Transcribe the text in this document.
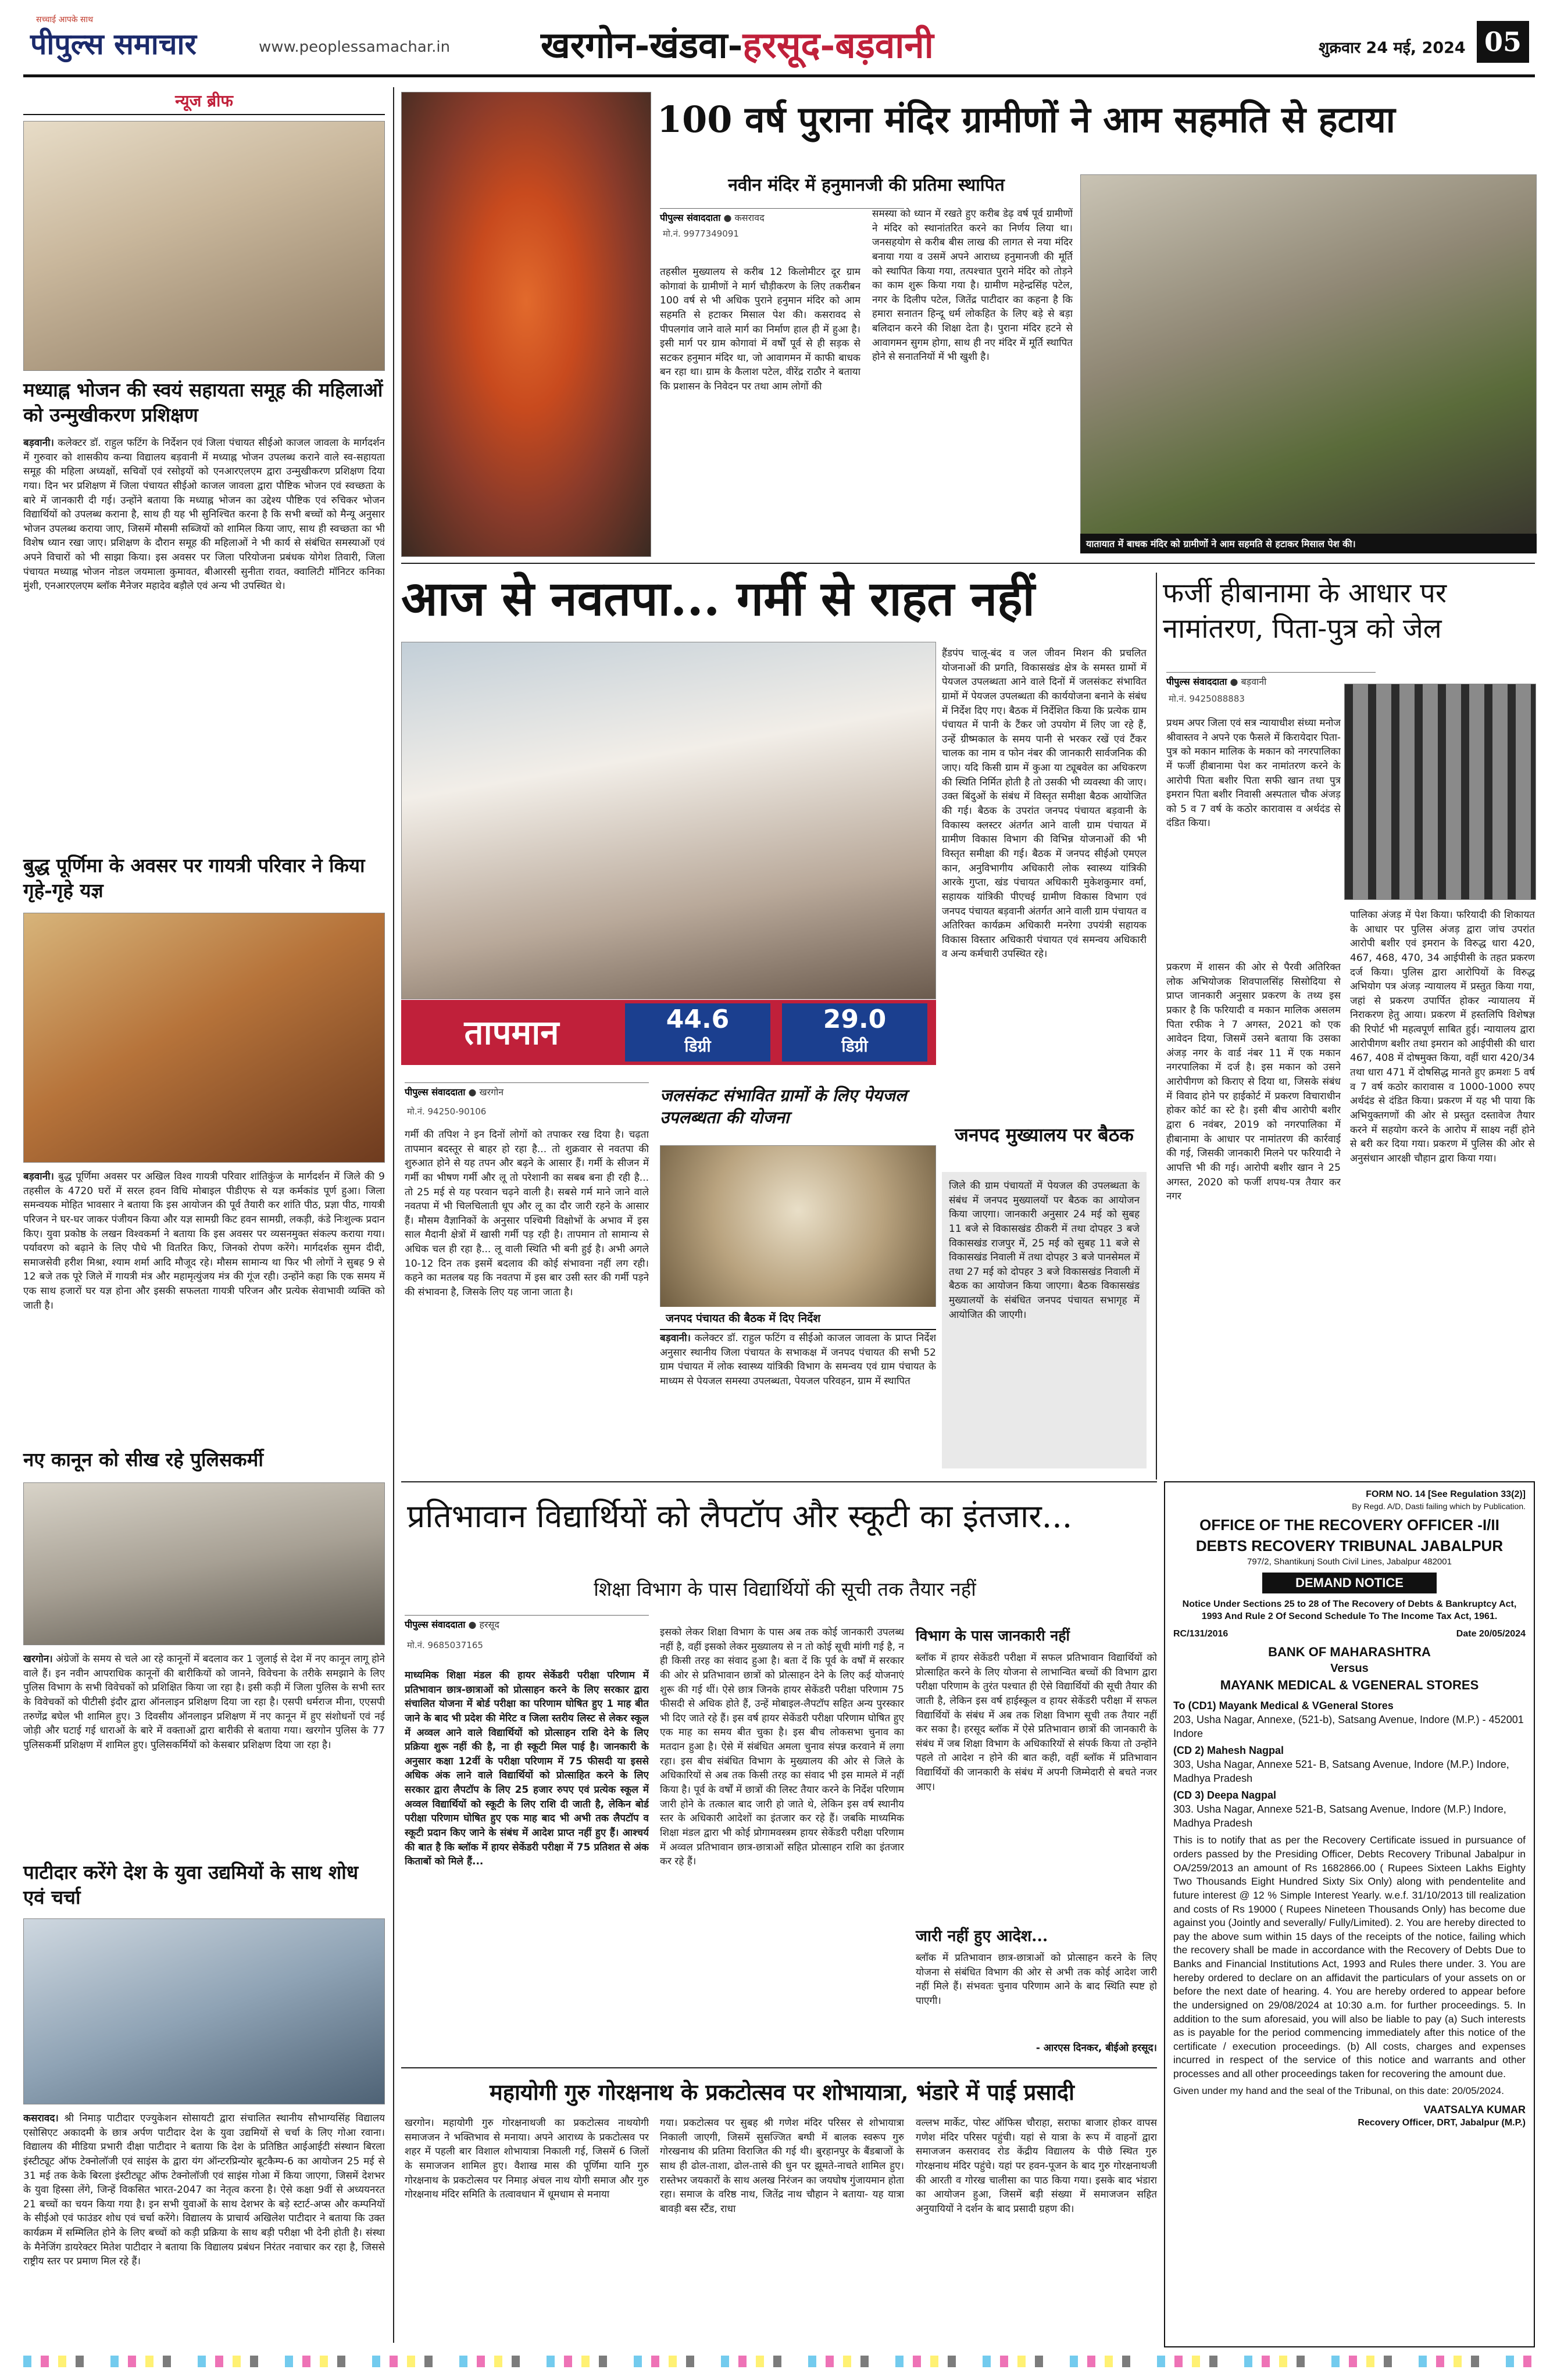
पीपुल्स समाचार
सच्चाई आपके साथ
www.peoplessamachar.in	खरगोन-खंडवा-हरसूद-बड़वानी	शुक्रवार 24 मई, 2024 05
न्यूज ब्रीफ
मध्याह्न भोजन की स्वयं सहायता समूह की महिलाओं को उन्मुखीकरण प्रशिक्षण
बड़वानी। कलेक्टर डॉ. राहुल फटिंग के निर्देशन एवं जिला पंचायत सीईओ काजल जावला के मार्गदर्शन में गुरुवार को शासकीय कन्या विद्यालय बड़वानी में मध्याह्न भोजन उपलब्ध कराने वाले स्व-सहायता समूह की महिला अध्यक्षों, सचिवों एवं रसोइयों को एनआरएलएम द्वारा उन्मुखीकरण प्रशिक्षण दिया गया। दिन भर प्रशिक्षण में जिला पंचायत सीईओ काजल जावला द्वारा पौष्टिक भोजन एवं स्वच्छता के बारे में जानकारी दी गई। उन्होंने बताया कि मध्याह्न भोजन का उद्देश्य पौष्टिक एवं रुचिकर भोजन विद्यार्थियों को उपलब्ध कराना है, साथ ही यह भी सुनिश्चित करना है कि सभी बच्चों को मैन्यू अनुसार भोजन उपलब्ध कराया जाए, जिसमें मौसमी सब्जियों को शामिल किया जाए, साथ ही स्वच्छता का भी विशेष ध्यान रखा जाए। प्रशिक्षण के दौरान समूह की महिलाओं ने भी कार्य से संबंधित समस्याओं एवं अपने विचारों को भी साझा किया। इस अवसर पर जिला परियोजना प्रबंधक योगेश तिवारी, जिला पंचायत मध्याह्न भोजन नोडल जयमाला कुमावत, बीआरसी सुनीता रावत, क्वालिटी मॉनिटर कनिका मुंशी, एनआरएलएम ब्लॉक मैनेजर महादेव बड़ौले एवं अन्य भी उपस्थित थे।
बुद्ध पूर्णिमा के अवसर पर गायत्री परिवार ने किया गृहे-गृहे यज्ञ
बड़वानी। बुद्ध पूर्णिमा अवसर पर अखिल विश्व गायत्री परिवार शांतिकुंज के मार्गदर्शन में जिले की 9 तहसील के 4720 घरों में सरल हवन विधि मोबाइल पीडीएफ से यज्ञ कर्मकांड पूर्ण हुआ। जिला समन्वयक मोहित भावसार ने बताया कि इस आयोजन की पूर्व तैयारी कर शांति पीठ, प्रज्ञा पीठ, गायत्री परिजन ने घर-घर जाकर पंजीयन किया और यज्ञ सामग्री किट हवन सामग्री, लकड़ी, कंडे निःशुल्क प्रदान किए। युवा प्रकोष्ठ के लखन विश्वकर्मा ने बताया कि इस अवसर पर व्यसनमुक्त संकल्प कराया गया। पर्यावरण को बढ़ाने के लिए पौधे भी वितरित किए, जिनको रोपण करेंगे। मार्गदर्शक सुमन दीदी, समाजसेवी हरीश मिश्रा, श्याम शर्मा आदि मौजूद रहे। मौसम सामान्य था फिर भी लोगों ने सुबह 9 से 12 बजे तक पूरे जिले में गायत्री मंत्र और महामृत्युंजय मंत्र की गूंज रही। उन्होंने कहा कि एक समय में एक साथ हजारों घर यज्ञ होना और इसकी सफलता गायत्री परिजन और प्रत्येक सेवाभावी व्यक्ति को जाती है।
नए कानून को सीख रहे पुलिसकर्मी
खरगोन। अंग्रेजों के समय से चले आ रहे कानूनों में बदलाव कर 1 जुलाई से देश में नए कानून लागू होने वाले हैं। इन नवीन आपराधिक कानूनों की बारीकियों को जानने, विवेचना के तरीके समझाने के लिए पुलिस विभाग के सभी विवेचकों को प्रशिक्षित किया जा रहा है। इसी कड़ी में जिला पुलिस के सभी स्तर के विवेचकों को पीटीसी इंदौर द्वारा ऑनलाइन प्रशिक्षण दिया जा रहा है। एसपी धर्मराज मीना, एएसपी तरुणेंद्र बघेल भी शामिल हुए। 3 दिवसीय ऑनलाइन प्रशिक्षण में नए कानून में हुए संशोधनों एवं नई जोड़ी और घटाई गई धाराओं के बारे में वक्ताओं द्वारा बारीकी से बताया गया। खरगोन पुलिस के 77 पुलिसकर्मी प्रशिक्षण में शामिल हुए। पुलिसकर्मियों को केसबार प्रशिक्षण दिया जा रहा है।
पाटीदार करेंगे देश के युवा उद्यमियों के साथ शोध एवं चर्चा
कसरावद। श्री निमाड़ पाटीदार एज्युकेशन सोसायटी द्वारा संचालित स्थानीय सौभाग्यसिंह विद्यालय एसोसिएट अकादमी के छात्र अर्पण पाटीदार देश के युवा उद्यमियों से चर्चा के लिए गोआ रवाना। विद्यालय की मीडिया प्रभारी दीक्षा पाटीदार ने बताया कि देश के प्रतिष्ठित आईआईटी संस्थान बिरला इंस्टीट्यूट ऑफ टेक्नोलॉजी एवं साइंस के द्वारा यंग ऑन्टरप्रिन्योर बूटकैम्प-6 का आयोजन 25 मई से 31 मई तक केके बिरला इंस्टीट्यूट ऑफ टेक्नोलॉजी एवं साइंस गोआ में किया जाएगा, जिसमें देशभर के युवा हिस्सा लेंगे, जिन्हें विकसित भारत-2047 का नेतृत्व करना है। ऐसे कक्षा 9वीं से अध्ययनरत 21 बच्चों का चयन किया गया है। इन सभी युवाओं के साथ देशभर के बड़े स्टार्ट-अप्स और कम्पनियों के सीईओ एवं फाउंडर शोध एवं चर्चा करेंगे। विद्यालय के प्राचार्य अखिलेश पाटीदार ने बताया कि उक्त कार्यक्रम में सम्मिलित होने के लिए बच्चों को कड़ी प्रक्रिया के साथ बड़ी परीक्षा भी देनी होती है। संस्था के मैनेजिंग डायरेक्टर मितेश पाटीदार ने बताया कि विद्यालय प्रबंधन निरंतर नवाचार कर रहा है, जिससे राष्ट्रीय स्तर पर प्रमाण मिल रहे हैं।
100 वर्ष पुराना मंदिर ग्रामीणों ने आम सहमति से हटाया
नवीन मंदिर में हनुमानजी की प्रतिमा स्थापित
पीपुल्स संवाददाता ● कसरावद
मो.नं. 9977349091
तहसील मुख्यालय से करीब 12 किलोमीटर दूर ग्राम कोगावां के ग्रामीणों ने मार्ग चौड़ीकरण के लिए तकरीबन 100 वर्ष से भी अधिक पुराने हनुमान मंदिर को आम सहमति से हटाकर मिसाल पेश की। कसरावद से पीपलगांव जाने वाले मार्ग का निर्माण हाल ही में हुआ है। इसी मार्ग पर ग्राम कोगावां में वर्षों पूर्व से ही सड़क से सटकर हनुमान मंदिर था, जो आवागमन में काफी बाधक बन रहा था। ग्राम के कैलाश पटेल, वीरेंद्र राठौर ने बताया कि प्रशासन के निवेदन पर तथा आम लोगों की
समस्या को ध्यान में रखते हुए करीब डेढ़ वर्ष पूर्व ग्रामीणों ने मंदिर को स्थानांतरित करने का निर्णय लिया था। जनसहयोग से करीब बीस लाख की लागत से नया मंदिर बनाया गया व उसमें अपने आराध्य हनुमानजी की मूर्ति को स्थापित किया गया, तत्पश्चात पुराने मंदिर को तोड़ने का काम शुरू किया गया है। ग्रामीण महेन्द्रसिंह पटेल, नगर के दिलीप पटेल, जितेंद्र पाटीदार का कहना है कि हमारा सनातन हिन्दू धर्म लोकहित के लिए बड़े से बड़ा बलिदान करने की शिक्षा देता है। पुराना मंदिर हटने से आवागमन सुगम होगा, साथ ही नए मंदिर में मूर्ति स्थापित होने से सनातनियों में भी खुशी है।
यातायात में बाधक मंदिर को ग्रामीणों ने आम सहमति से हटाकर मिसाल पेश की।
आज से नवतपा... गर्मी से राहत नहीं
तापमान	44.6
डिग्री
29.0
डिग्री
पीपुल्स संवाददाता ● खरगोन
मो.नं. 94250-90106
गर्मी की तपिश ने इन दिनों लोगों को तपाकर रख दिया है। चढ़ता तापमान बदस्तूर से बाहर हो रहा है... तो शुक्रवार से नवतपा की शुरुआत होने से यह तपन और बढ़ने के आसार हैं। गर्मी के सीजन में गर्मी का भीषण गर्मी और लू तो परेशानी का सबब बना ही रही है... तो 25 मई से यह परवान चढ़ने वाली है। सबसे गर्म माने जाने वाले नवतपा में भी चिलचिलाती धूप और लू का दौर जारी रहने के आसार हैं। मौसम वैज्ञानिकों के अनुसार पश्चिमी विक्षोभों के अभाव में इस साल मैदानी क्षेत्रों में खासी गर्मी पड़ रही है। तापमान तो सामान्य से अधिक चल ही रहा है... लू वाली स्थिति भी बनी हुई है। अभी अगले 10-12 दिन तक इसमें बदलाव की कोई संभावना नहीं लग रही। कहने का मतलब यह कि नवतपा में इस बार उसी स्तर की गर्मी पड़ने की संभावना है, जिसके लिए यह जाना जाता है।
हैंडपंप चालू-बंद व जल जीवन मिशन की प्रचलित योजनाओं की प्रगति, विकासखंड क्षेत्र के समस्त ग्रामों में पेयजल उपलब्धता आने वाले दिनों में जलसंकट संभावित ग्रामों में पेयजल उपलब्धता की कार्ययोजना बनाने के संबंध में निर्देश दिए गए। बैठक में निर्देशित किया कि प्रत्येक ग्राम पंचायत में पानी के टैंकर जो उपयोग में लिए जा रहे हैं, उन्हें ग्रीष्मकाल के समय पानी से भरकर रखें एवं टैंकर चालक का नाम व फोन नंबर की जानकारी सार्वजनिक की जाए। यदि किसी ग्राम में कुआ या ट्यूबवेल का अधिकरण की स्थिति निर्मित होती है तो उसकी भी व्यवस्था की जाए। उक्त बिंदुओं के संबंध में विस्तृत समीक्षा बैठक आयोजित की गई। बैठक के उपरांत जनपद पंचायत बड़वानी के विकास्य क्लस्टर अंतर्गत आने वाली ग्राम पंचायत में ग्रामीण विकास विभाग की विभिन्न योजनाओं की भी विस्तृत समीक्षा की गई। बैठक में जनपद सीईओ एमएल कान, अनुविभागीय अधिकारी लोक स्वास्थ्य यांत्रिकी आरके गुप्ता, खंड पंचायत अधिकारी मुकेशकुमार वर्मा, सहायक यांत्रिकी पीएचई ग्रामीण विकास विभाग एवं जनपद पंचायत बड़वानी अंतर्गत आने वाली ग्राम पंचायत व अतिरिक्त कार्यक्रम अधिकारी मनरेगा उपयंत्री सहायक विकास विस्तार अधिकारी पंचायत एवं समन्वय अधिकारी व अन्य कर्मचारी उपस्थित रहे।
जलसंकट संभावित ग्रामों के लिए पेयजल उपलब्धता की योजना
जनपद पंचायत की बैठक में दिए निर्देश
बड़वानी। कलेक्टर डॉ. राहुल फटिंग व सीईओ काजल जावला के प्राप्त निर्देश अनुसार स्थानीय जिला पंचायत के सभाकक्ष में जनपद पंचायत की सभी 52 ग्राम पंचायत में लोक स्वास्थ्य यांत्रिकी विभाग के समन्वय एवं ग्राम पंचायत के माध्यम से पेयजल समस्या उपलब्धता, पेयजल परिवहन, ग्राम में स्थापित
जनपद मुख्यालय पर बैठक
जिले की ग्राम पंचायतों में पेयजल की उपलब्धता के संबंध में जनपद मुख्यालयों पर बैठक का आयोजन किया जाएगा। जानकारी अनुसार 24 मई को सुबह 11 बजे से विकासखंड ठीकरी में तथा दोपहर 3 बजे विकासखंड राजपुर में, 25 मई को सुबह 11 बजे से विकासखंड निवाली में तथा दोपहर 3 बजे पानसेमल में तथा 27 मई को दोपहर 3 बजे विकासखंड निवाली में बैठक का आयोजन किया जाएगा। बैठक विकासखंड मुख्यालयों के संबंधित जनपद पंचायत सभागृह में आयोजित की जाएगी।
फर्जी हीबानामा के आधार पर नामांतरण, पिता-पुत्र को जेल
पीपुल्स संवाददाता ● बड़वानी
मो.नं. 9425088883
प्रथम अपर जिला एवं सत्र न्यायाधीश संध्या मनोज श्रीवास्तव ने अपने एक फैसले में किरायेदार पिता-पुत्र को मकान मालिक के मकान को नगरपालिका में फर्जी हीबानामा पेश कर नामांतरण करने के आरोपी पिता बशीर पिता सफी खान तथा पुत्र इमरान पिता बशीर निवासी अस्पताल चौक अंजड़ को 5 व 7 वर्ष के कठोर कारावास व अर्थदंड से दंडित किया।
प्रकरण में शासन की ओर से पैरवी अतिरिक्त लोक अभियोजक शिवपालसिंह सिसोदिया से प्राप्त जानकारी अनुसार प्रकरण के तथ्य इस प्रकार है कि फरियादी व मकान मालिक असलम पिता रफीक ने 7 अगस्त, 2021 को एक आवेदन दिया, जिसमें उसने बताया कि उसका अंजड़ नगर के वार्ड नंबर 11 में एक मकान नगरपालिका में दर्ज है। इस मकान को उसने आरोपीगण को किराए से दिया था, जिसके संबंध में विवाद होने पर हाईकोर्ट में प्रकरण विचाराधीन होकर कोर्ट का स्टे है। इसी बीच आरोपी बशीर द्वारा 6 नवंबर, 2019 को नगरपालिका में हीबानामा के आधार पर नामांतरण की कार्रवाई की गई, जिसकी जानकारी मिलने पर फरियादी ने आपत्ति भी की गई। आरोपी बशीर खान ने 25 अगस्त, 2020 को फर्जी शपथ-पत्र तैयार कर नगर
पालिका अंजड़ में पेश किया। फरियादी की शिकायत के आधार पर पुलिस अंजड़ द्वारा जांच उपरांत आरोपी बशीर एवं इमरान के विरुद्ध धारा 420, 467, 468, 470, 34 आईपीसी के तहत प्रकरण दर्ज किया। पुलिस द्वारा आरोपियों के विरुद्ध अभियोग पत्र अंजड़ न्यायालय में प्रस्तुत किया गया, जहां से प्रकरण उपार्पित होकर न्यायालय में निराकरण हेतु आया। प्रकरण में हस्तलिपि विशेषज्ञ की रिपोर्ट भी महत्वपूर्ण साबित हुई। न्यायालय द्वारा आरोपीगण बशीर तथा इमरान को आईपीसी की धारा 467, 408 में दोषमुक्त किया, वहीं धारा 420/34 तथा धारा 471 में दोषसिद्ध मानते हुए क्रमशः 5 वर्ष व 7 वर्ष कठोर कारावास व 1000-1000 रुपए अर्थदंड से दंडित किया। प्रकरण में यह भी पाया कि अभियुक्तगणों की ओर से प्रस्तुत दस्तावेज तैयार करने में सहयोग करने के आरोप में साक्ष्य नहीं होने से बरी कर दिया गया। प्रकरण में पुलिस की ओर से अनुसंधान आरक्षी चौहान द्वारा किया गया।
प्रतिभावान विद्यार्थियों को लैपटॉप और स्कूटी का इंतजार...
शिक्षा विभाग के पास विद्यार्थियों की सूची तक तैयार नहीं
पीपुल्स संवाददाता ● हरसूद
मो.नं. 9685037165
माध्यमिक शिक्षा मंडल की हायर सेकेंडरी परीक्षा परिणाम में प्रतिभावान छात्र-छात्राओं को प्रोत्साहन करने के लिए सरकार द्वारा संचालित योजना में बोर्ड परीक्षा का परिणाम घोषित हुए 1 माह बीत जाने के बाद भी प्रदेश की मेरिट व जिला स्तरीय लिस्ट से लेकर स्कूल में अव्वल आने वाले विद्यार्थियों को प्रोत्साहन राशि देने के लिए प्रक्रिया शुरू नहीं की है, ना ही स्कूटी मिल पाई है। जानकारी के अनुसार कक्षा 12वीं के परीक्षा परिणाम में 75 फीसदी या इससे अधिक अंक लाने वाले विद्यार्थियों को प्रोत्साहित करने के लिए सरकार द्वारा लैपटॉप के लिए 25 हजार रुपए एवं प्रत्येक स्कूल में अव्वल विद्यार्थियों को स्कूटी के लिए राशि दी जाती है, लेकिन बोर्ड परीक्षा परिणाम घोषित हुए एक माह बाद भी अभी तक लैपटॉप व स्कूटी प्रदान किए जाने के संबंध में आदेश प्राप्त नहीं हुए हैं। आश्चर्य की बात है कि ब्लॉक में हायर सेकेंडरी परीक्षा में 75 प्रतिशत से अंक किताबों को मिले हैं...
इसको लेकर शिक्षा विभाग के पास अब तक कोई जानकारी उपलब्ध नहीं है, वहीं इसको लेकर मुख्यालय से न तो कोई सूची मांगी गई है, न ही किसी तरह का संवाद हुआ है। बता दें कि पूर्व के वर्षों में सरकार की ओर से प्रतिभावान छात्रों को प्रोत्साहन देने के लिए कई योजनाएं शुरू की गई थीं। ऐसे छात्र जिनके हायर सेकेंडरी परीक्षा परिणाम 75 फीसदी से अधिक होते हैं, उन्हें मोबाइल-लैपटॉप सहित अन्य पुरस्कार भी दिए जाते रहे हैं। इस वर्ष हायर सेकेंडरी परीक्षा परिणाम घोषित हुए एक माह का समय बीत चुका है। इस बीच लोकसभा चुनाव का मतदान हुआ है। ऐसे में संबंधित अमला चुनाव संपन्न करवाने में लगा रहा। इस बीच संबंधित विभाग के मुख्यालय की ओर से जिले के अधिकारियों से अब तक किसी तरह का संवाद भी इस मामले में नहीं किया है। पूर्व के वर्षों में छात्रों की लिस्ट तैयार करने के निर्देश परिणाम जारी होने के तत्काल बाद जारी हो जाते थे, लेकिन इस वर्ष स्थानीय स्तर के अधिकारी आदेशों का इंतजार कर रहे हैं। जबकि माध्यमिक शिक्षा मंडल द्वारा भी कोई प्रोगामवस्त्रम हायर सेकेंडरी परीक्षा परिणाम में अव्वल प्रतिभावान छात्र-छात्राओं सहित प्रोत्साहन राशि का इंतजार कर रहे हैं।
विभाग के पास जानकारी नहीं
ब्लॉक में हायर सेकेंडरी परीक्षा में सफल प्रतिभावान विद्यार्थियों को प्रोत्साहित करने के लिए योजना से लाभान्वित बच्चों की विभाग द्वारा परीक्षा परिणाम के तुरंत पश्चात ही ऐसे विद्यार्थियों की सूची तैयार की जाती है, लेकिन इस वर्ष हाईस्कूल व हायर सेकेंडरी परीक्षा में सफल विद्यार्थियों के संबंध में अब तक शिक्षा विभाग सूची तक तैयार नहीं कर सका है। हरसूद ब्लॉक में ऐसे प्रतिभावान छात्रों की जानकारी के संबंध में जब शिक्षा विभाग के अधिकारियों से संपर्क किया तो उन्होंने पहले तो आदेश न होने की बात कही, वहीं ब्लॉक में प्रतिभावान विद्यार्थियों की जानकारी के संबंध में अपनी जिम्मेदारी से बचते नजर आए।
जारी नहीं हुए आदेश...
ब्लॉक में प्रतिभावान छात्र-छात्राओं को प्रोत्साहन करने के लिए योजना से संबंधित विभाग की ओर से अभी तक कोई आदेश जारी नहीं मिले हैं। संभवतः चुनाव परिणाम आने के बाद स्थिति स्पष्ट हो पाएगी।
- आरएस दिनकर, बीईओ हरसूद।
महायोगी गुरु गोरक्षनाथ के प्रकटोत्सव पर शोभायात्रा, भंडारे में पाई प्रसादी
खरगोन। महायोगी गुरु गोरक्षनाथजी का प्रकटोत्सव नाथयोगी समाजजन ने भक्तिभाव से मनाया। अपने आराध्य के प्रकटोत्सव पर शहर में पहली बार विशाल शोभायात्रा निकाली गई, जिसमें 6 जिलों के समाजजन शामिल हुए। वैशाख मास की पूर्णिमा यानि गुरु गोरक्षनाथ के प्रकटोत्सव पर निमाड़ अंचल नाथ योगी समाज और गुरु गोरक्षनाथ मंदिर समिति के तत्वावधान में धूमधाम से मनाया
गया। प्रकटोत्सव पर सुबह श्री गणेश मंदिर परिसर से शोभायात्रा निकाली जाएगी, जिसमें सुसज्जित बग्घी में बालक स्वरूप गुरु गोरखनाथ की प्रतिमा विराजित की गई थी। बुरहानपुर के बैंडबाजों के साथ ही ढोल-ताशा, ढोल-तासे की धुन पर झूमते-नाचते शामिल हुए। रास्तेभर जयकारों के साथ अलख निरंजन का जयघोष गुंजायमान होता रहा। समाज के वरिष्ठ नाथ, जितेंद्र नाथ चौहान ने बताया- यह यात्रा बावड़ी बस स्टैंड, राधा
वल्लभ मार्केट, पोस्ट ऑफिस चौराहा, सराफा बाजार होकर वापस गणेश मंदिर परिसर पहुंची। यहां से यात्रा के रूप में वाहनों द्वारा समाजजन कसरावद रोड केंद्रीय विद्यालय के पीछे स्थित गुरु गोरक्षनाथ मंदिर पहुंचे। यहां पर हवन-पूजन के बाद गुरु गोरक्षनाथजी की आरती व गोरख चालीसा का पाठ किया गया। इसके बाद भंडारा का आयोजन हुआ, जिसमें बड़ी संख्या में समाजजन सहित अनुयायियों ने दर्शन के बाद प्रसादी ग्रहण की।
FORM NO. 14 [See Regulation 33(2)]
By Regd. A/D, Dasti failing which by Publication.
OFFICE OF THE RECOVERY OFFICER -I/II
DEBTS RECOVERY TRIBUNAL JABALPUR
797/2, Shantikunj South Civil Lines, Jabalpur 482001
DEMAND NOTICE
Notice Under Sections 25 to 28 of The Recovery of Debts & Bankruptcy Act, 1993 And Rule 2 Of Second Schedule To The Income Tax Act, 1961.
RC/131/2016	Date 20/05/2024
BANK OF MAHARASHTRA
Versus
MAYANK MEDICAL & VGENERAL STORES
To (CD1) Mayank Medical & VGeneral Stores
203, Usha Nagar, Annexe, (521-b), Satsang Avenue, Indore (M.P.) - 452001 Indore
(CD 2) Mahesh Nagpal
303, Usha Nagar, Annexe 521- B, Satsang Avenue, Indore (M.P.) Indore, Madhya Pradesh
(CD 3) Deepa Nagpal
303. Usha Nagar, Annexe 521-B, Satsang Avenue, Indore (M.P.) Indore, Madhya Pradesh
This is to notify that as per the Recovery Certificate issued in pursuance of orders passed by the Presiding Officer, Debts Recovery Tribunal Jabalpur in OA/259/2013 an amount of Rs 1682866.00 ( Rupees Sixteen Lakhs Eighty Two Thousands Eight Hundred Sixty Six Only) along with pendentelite and future interest @ 12 % Simple Interest Yearly. w.e.f. 31/10/2013 till realization and costs of Rs 19000 ( Rupees Nineteen Thousands Only) has become due against you (Jointly and severally/ Fully/Limited). 2. You are hereby directed to pay the above sum within 15 days of the receipts of the notice, failing which the recovery shall be made in accordance with the Recovery of Debts Due to Banks and Financial Institutions Act, 1993 and Rules there under. 3. You are hereby ordered to declare on an affidavit the particulars of your assets on or before the next date of hearing. 4. You are hereby ordered to appear before the undersigned on 29/08/2024 at 10:30 a.m. for further proceedings. 5. In addition to the sum aforesaid, you will also be liable to pay (a) Such interests as is payable for the period commencing immediately after this notice of the certificate / execution proceedings. (b) All costs, charges and expenses incurred in respect of the service of this notice and warrants and other processes and all other proceedings taken for recovering the amount due.
Given under my hand and the seal of the Tribunal, on this date: 20/05/2024.
VAATSALYA KUMAR
Recovery Officer, DRT, Jabalpur (M.P.)
